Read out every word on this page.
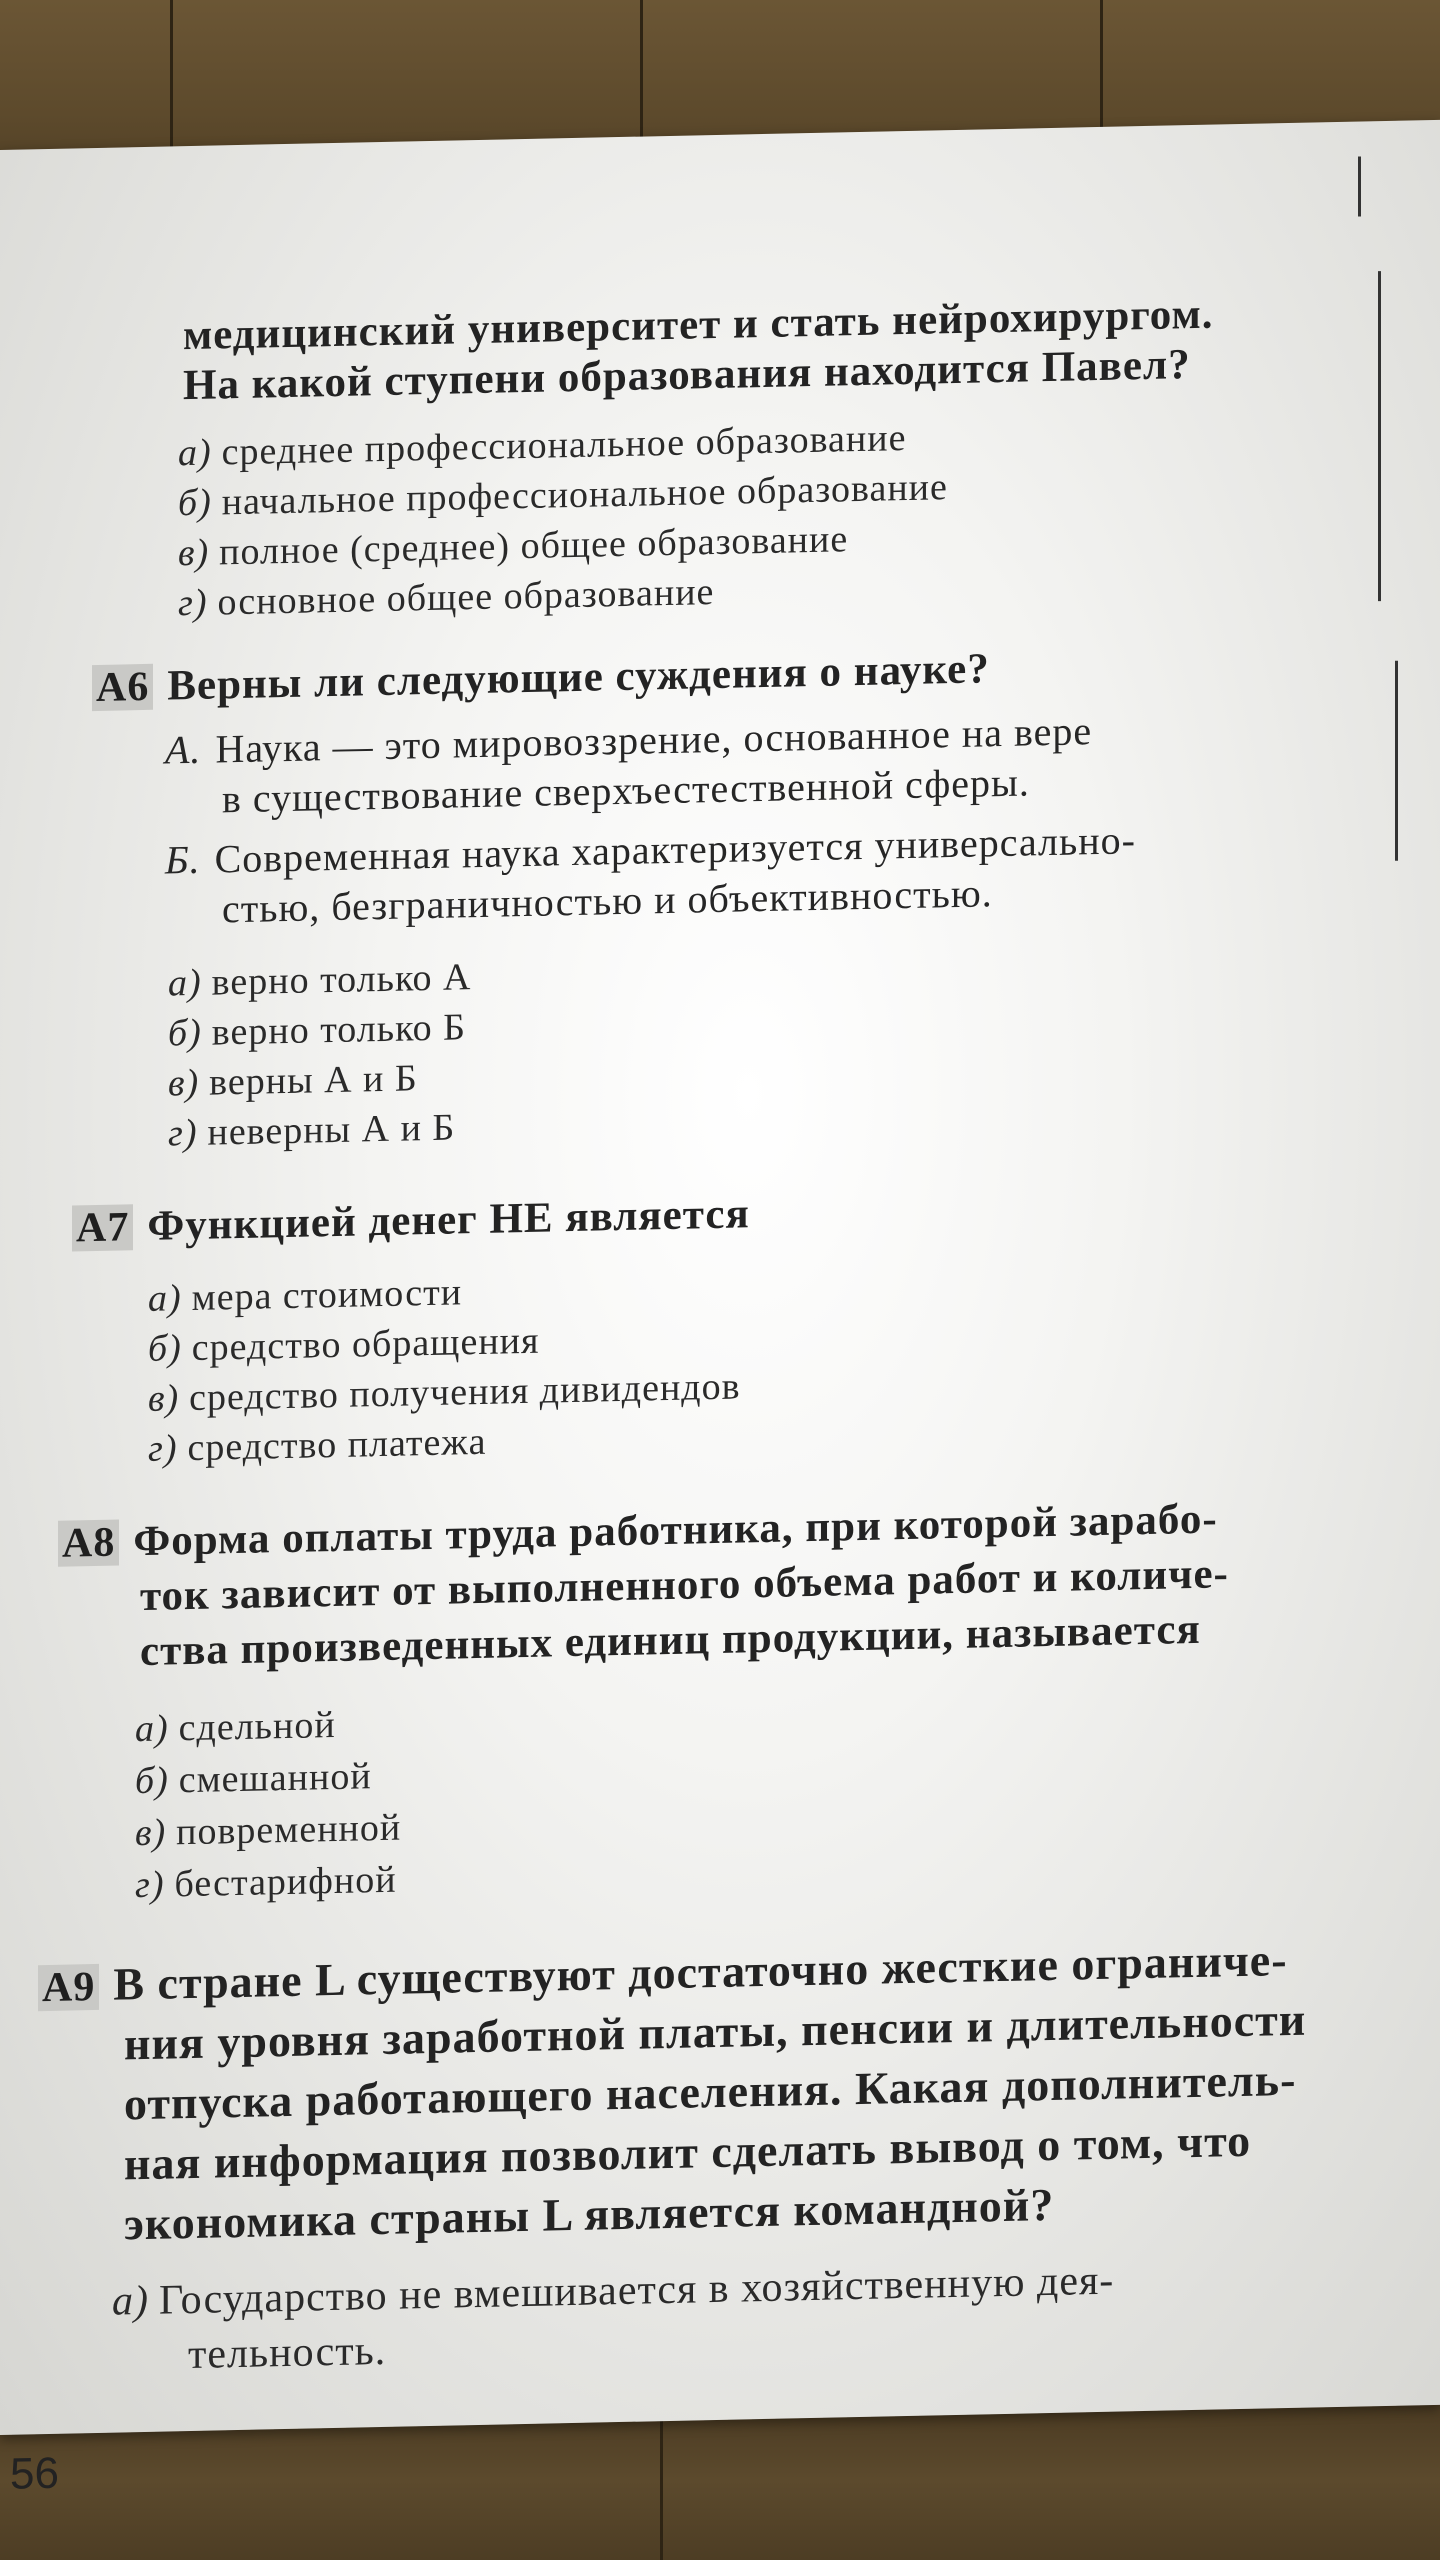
медицинский университет и стать нейрохирургом.
На какой ступени образования находится Павел?
а) среднее профессиональное образование
б) начальное профессиональное образование
в) полное (среднее) общее образование
г) основное общее образование
А6 Верны ли следующие суждения о науке?
А. Наука — это мировоззрение, основанное на вере
в существование сверхъестественной сферы.
Б. Современная наука характеризуется универсально-
стью, безграничностью и объективностью.
а) верно только А
б) верно только Б
в) верны А и Б
г) неверны А и Б
А7 Функцией денег НЕ является
а) мера стоимости
б) средство обращения
в) средство получения дивидендов
г) средство платежа
А8 Форма оплаты труда работника, при которой зарабо-
ток зависит от выполненного объема работ и количе-
ства произведенных единиц продукции, называется
а) сдельной
б) смешанной
в) повременной
г) бестарифной
А9 В стране L существуют достаточно жесткие ограниче-
ния уровня заработной платы, пенсии и длительности
отпуска работающего населения. Какая дополнитель-
ная информация позволит сделать вывод о том, что
экономика страны L является командной?
а) Государство не вмешивается в хозяйственную дея-
тельность.
56
